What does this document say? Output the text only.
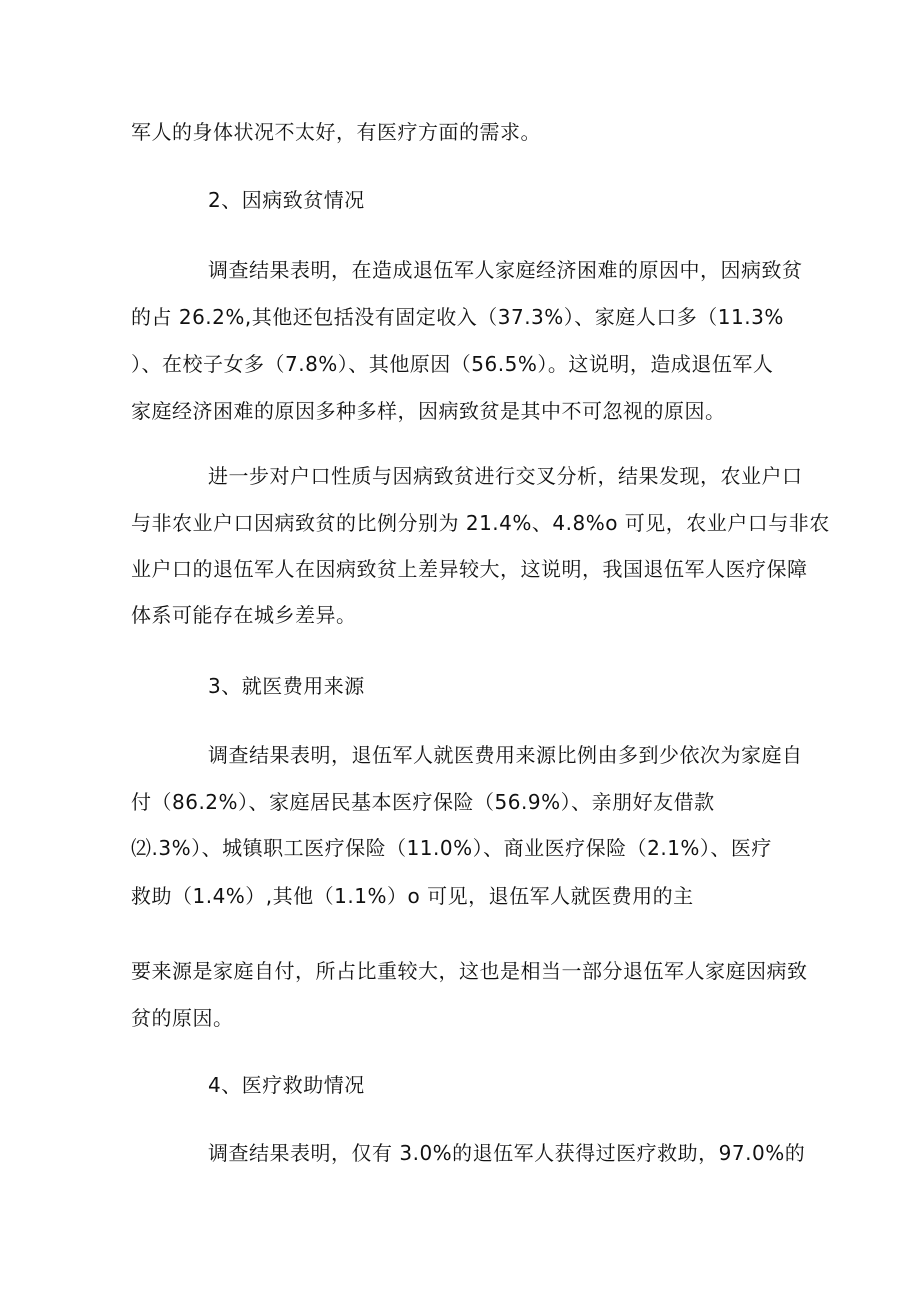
军人的身体状况不太好，有医疗方面的需求。
2、因病致贫情况
调查结果表明，在造成退伍军人家庭经济困难的原因中，因病致贫
的占 26.2%,其他还包括没有固定收入（37.3%）、家庭人口多（11.3%
）、在校子女多（7.8%）、其他原因（56.5%）。这说明，造成退伍军人
家庭经济困难的原因多种多样，因病致贫是其中不可忽视的原因。
进一步对户口性质与因病致贫进行交叉分析，结果发现，农业户口
与非农业户口因病致贫的比例分别为 21.4%、4.8%o 可见，农业户口与非农
业户口的退伍军人在因病致贫上差异较大，这说明，我国退伍军人医疗保障
体系可能存在城乡差异。
3、就医费用来源
调查结果表明，退伍军人就医费用来源比例由多到少依次为家庭自
付（86.2%）、家庭居民基本医疗保险（56.9%）、亲朋好友借款
⑵.3%）、城镇职工医疗保险（11.0%）、商业医疗保险（2.1%）、医疗
救助（1.4%）,其他（1.1%）o 可见，退伍军人就医费用的主
要来源是家庭自付，所占比重较大，这也是相当一部分退伍军人家庭因病致
贫的原因。
4、医疗救助情况
调查结果表明，仅有 3.0%的退伍军人获得过医疗救助，97.0%的
